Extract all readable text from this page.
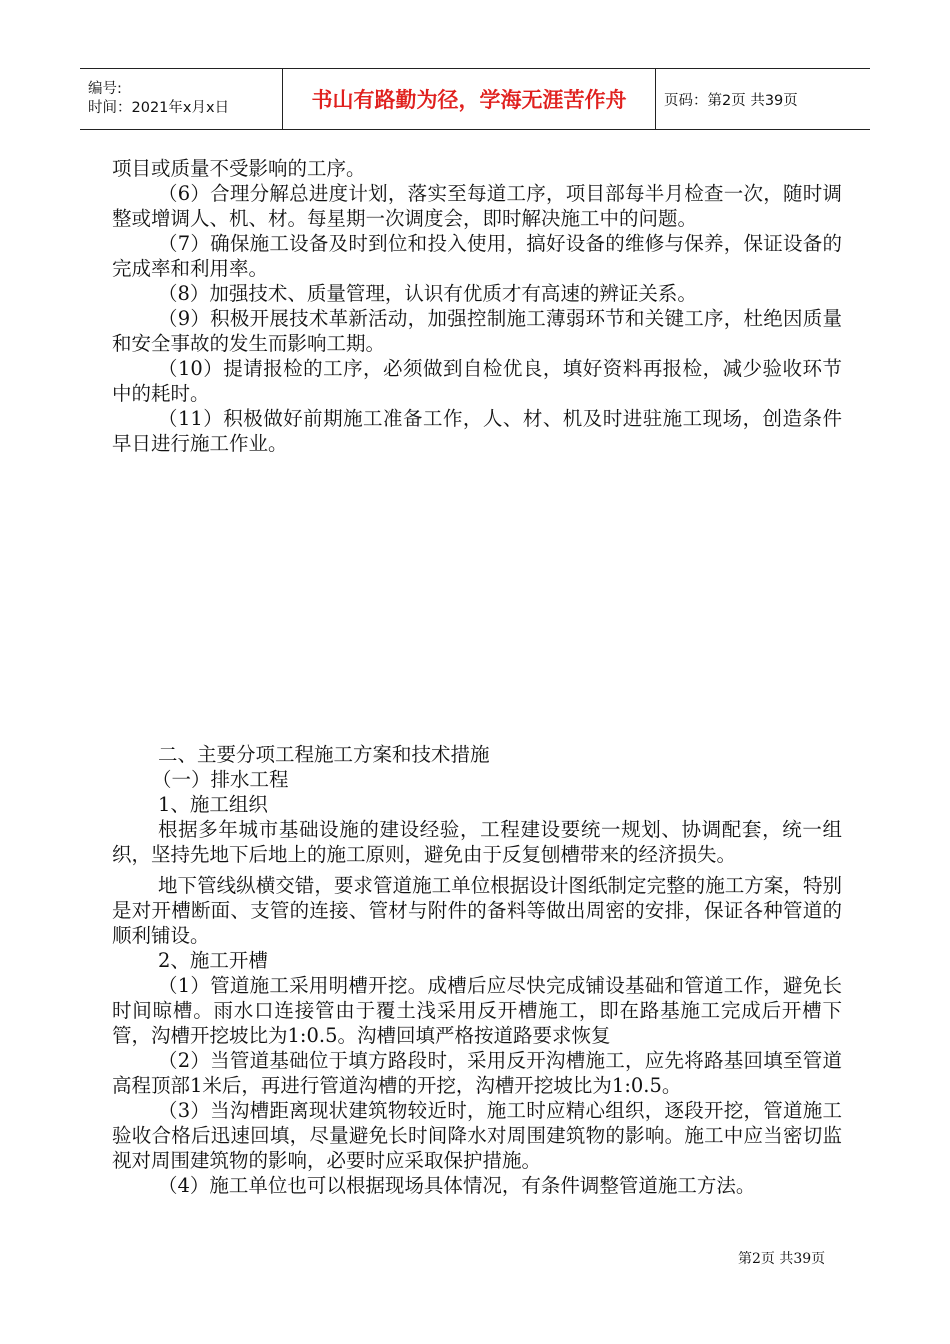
编号:
时间：2021年x月x日	书山有路勤为径，学海无涯苦作舟	页码：第2页 共39页

项目或质量不受影响的工序。

（6）合理分解总进度计划，落实至每道工序，项目部每半月检查一次，随时调整或增调人、机、材。每星期一次调度会，即时解决施工中的问题。

（7）确保施工设备及时到位和投入使用，搞好设备的维修与保养，保证设备的完成率和利用率。

（8）加强技术、质量管理，认识有优质才有高速的辨证关系。

（9）积极开展技术革新活动，加强控制施工薄弱环节和关键工序，杜绝因质量和安全事故的发生而影响工期。

（10）提请报检的工序，必须做到自检优良，填好资料再报检，减少验收环节中的耗时。

（11）积极做好前期施工准备工作，人、材、机及时进驻施工现场，创造条件早日进行施工作业。

二、主要分项工程施工方案和技术措施

（一）排水工程

1、施工组织

根据多年城市基础设施的建设经验，工程建设要统一规划、协调配套，统一组织，坚持先地下后地上的施工原则，避免由于反复刨槽带来的经济损失。

地下管线纵横交错，要求管道施工单位根据设计图纸制定完整的施工方案，特别是对开槽断面、支管的连接、管材与附件的备料等做出周密的安排，保证各种管道的顺利铺设。

2、施工开槽

（1）管道施工采用明槽开挖。成槽后应尽快完成铺设基础和管道工作，避免长时间晾槽。雨水口连接管由于覆土浅采用反开槽施工，即在路基施工完成后开槽下管，沟槽开挖坡比为1:0.5。沟槽回填严格按道路要求恢复

（2）当管道基础位于填方路段时，采用反开沟槽施工，应先将路基回填至管道高程顶部1米后，再进行管道沟槽的开挖，沟槽开挖坡比为1:0.5。

（3）当沟槽距离现状建筑物较近时，施工时应精心组织，逐段开挖，管道施工验收合格后迅速回填，尽量避免长时间降水对周围建筑物的影响。施工中应当密切监视对周围建筑物的影响，必要时应采取保护措施。

（4）施工单位也可以根据现场具体情况，有条件调整管道施工方法。

第2页 共39页
